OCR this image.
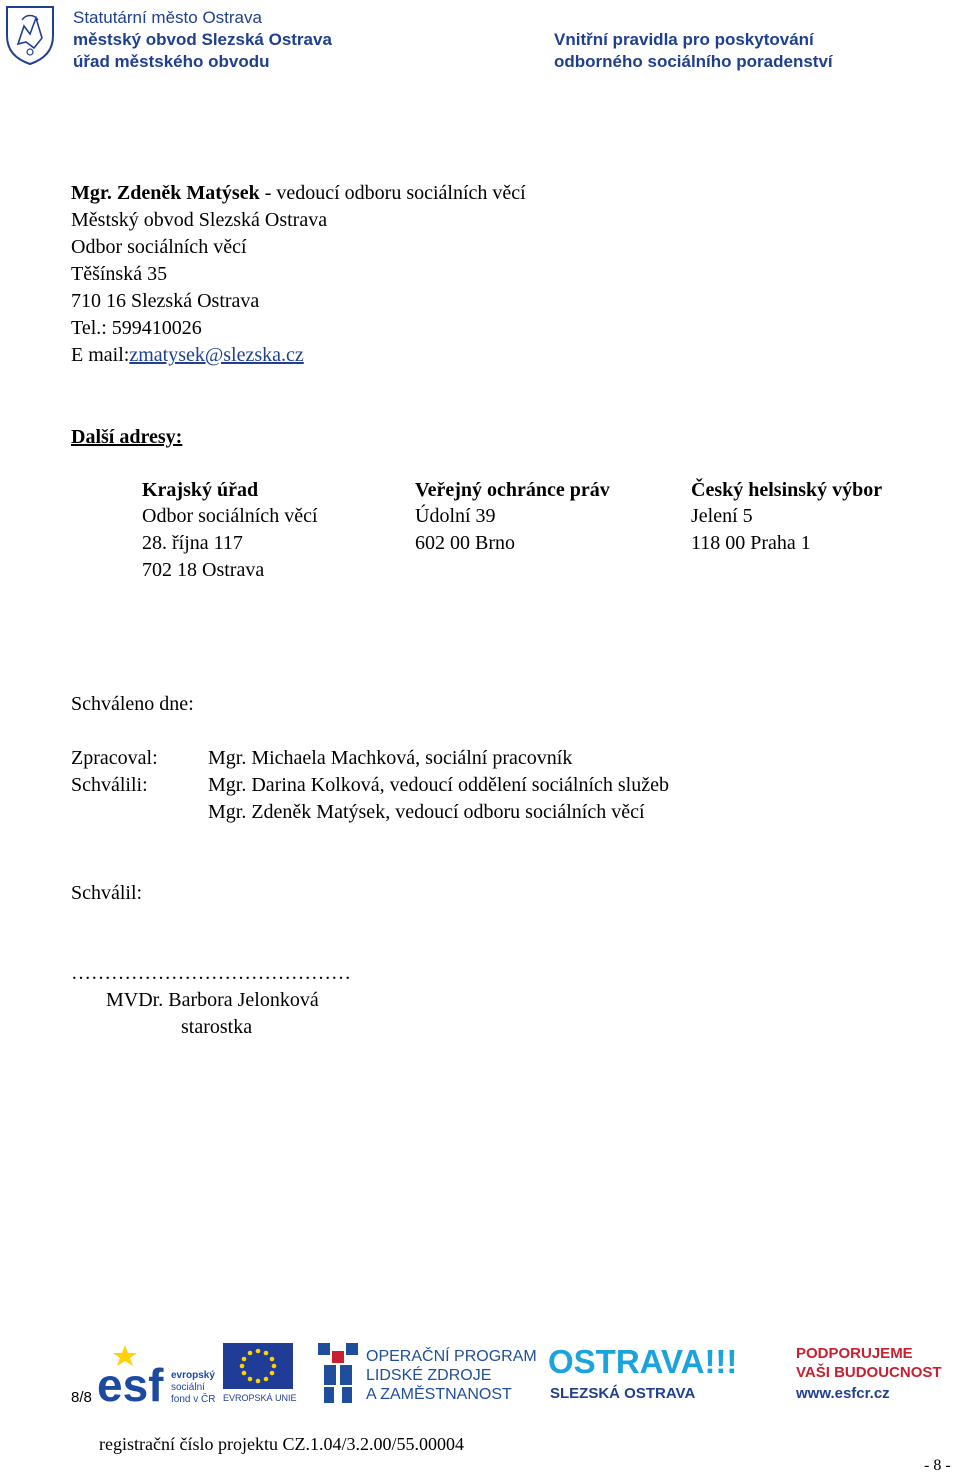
Statutární město Ostrava
městský obvod Slezská Ostrava
úřad městského obvodu
Vnitřní pravidla pro poskytování
odborného sociálního poradenství
Mgr. Zdeněk Matýsek - vedoucí odboru sociálních věcí
Městský obvod Slezská Ostrava
Odbor sociálních věcí
Těšínská 35
710 16 Slezská Ostrava
Tel.: 599410026
E mail:zmatysek@slezska.cz
Další adresy:
Krajský úřad
Odbor sociálních věcí
28. října 117
702 18 Ostrava
Veřejný ochránce práv
Údolní 39
602 00 Brno
Český helsinský výbor
Jelení 5
118 00 Praha 1
Schváleno dne:
Zpracoval:	Mgr. Michaela Machková, sociální pracovník
Schválili:	Mgr. Darina Kolková, vedoucí oddělení sociálních služeb
Mgr. Zdeněk Matýsek, vedoucí odboru sociálních věcí
Schválil:
……………………………………
MVDr. Barbora Jelonková
starostka
8/8 esf evropský
sociální
fond v ČR EVROPSKÁ UNIE
OPERAČNÍ PROGRAM
LIDSKÉ ZDROJE
A ZAMĚSTNANOST
OSTRAVA!!!
SLEZSKÁ OSTRAVA
PODPORUJEME
VAŠI BUDOUCNOST
www.esfcr.cz
registrační číslo projektu CZ.1.04/3.2.00/55.00004
- 8 -
